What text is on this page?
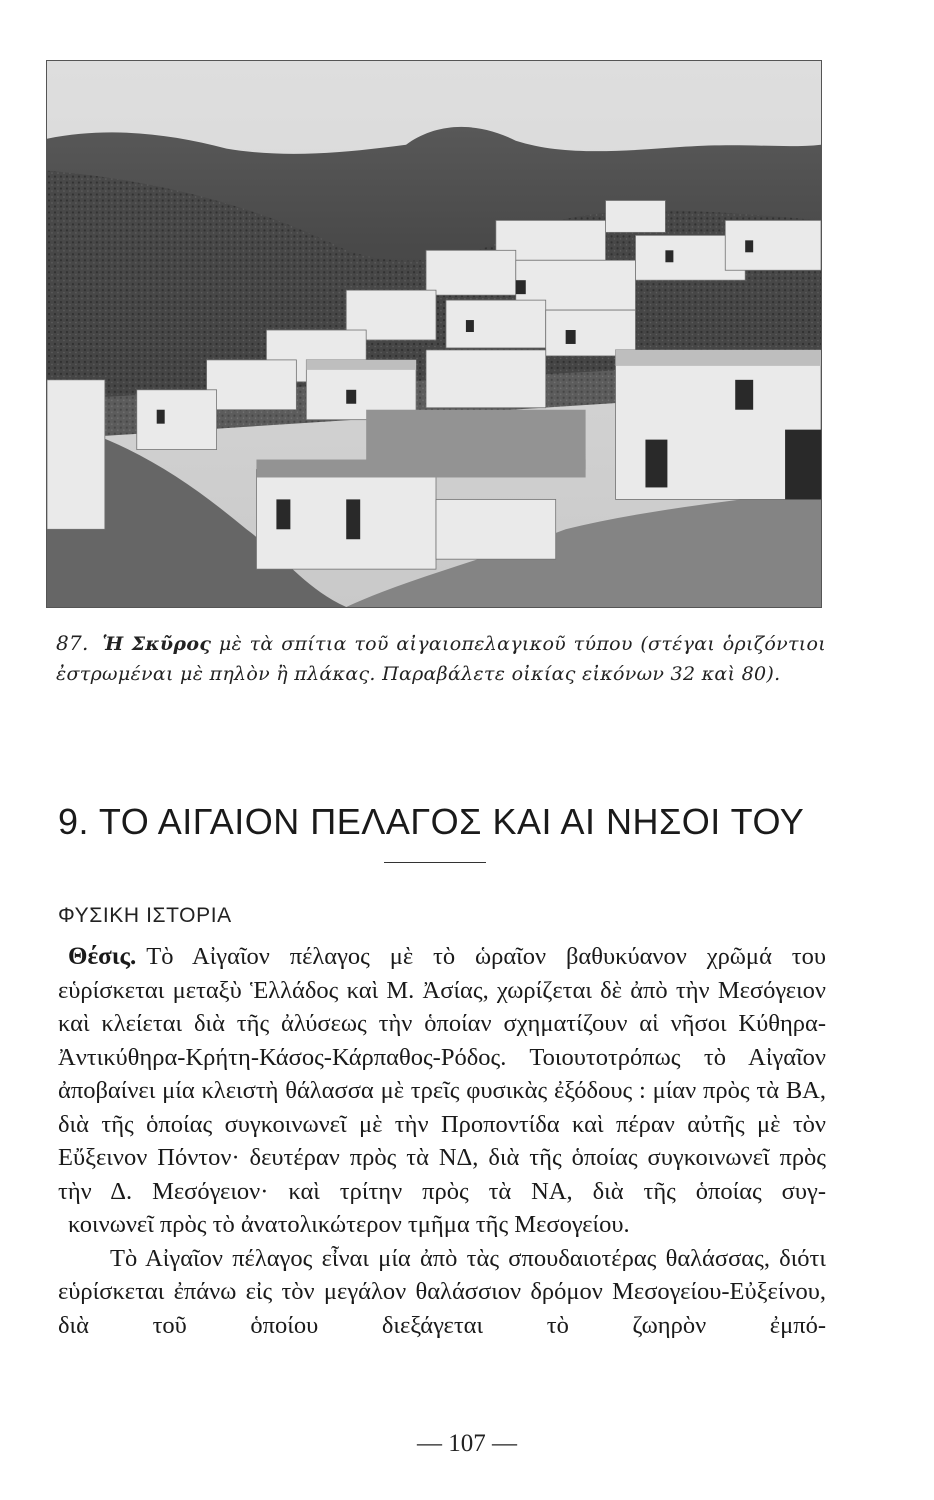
87. Ἡ Σκῦρος μὲ τὰ σπίτια τοῦ αἰγαιοπελαγικοῦ τύπου (στέγαι ὁριζόντιοι ἐστρωμέναι μὲ πηλὸν ἢ πλάκας. Παραβάλετε οἰκίας εἰκόνων 32 καὶ 80).
9. ΤΟ ΑΙΓΑΙΟΝ ΠΕΛΑΓΟΣ ΚΑΙ ΑΙ ΝΗΣΟΙ ΤΟΥ
ΦΥΣΙΚΗ ΙΣΤΟΡΙΑ

Θέσις. Τὸ Αἰγαῖον πέλαγος μὲ τὸ ὡραῖον βαθυκύανον χρῶμά του εὑρίσκεται μεταξὺ Ἑλλάδος καὶ Μ. Ἀσίας, χωρίζεται δὲ ἀπὸ τὴν Μεσόγειον καὶ κλείεται διὰ τῆς ἀλύσεως τὴν ὁποίαν σχηματίζουν αἱ νῆσοι Κύθηρα-Ἀντικύθηρα-Κρήτη-Κάσος-Κάρπαθος-Ρόδος. Τοιουτοτρόπως τὸ Αἰγαῖον ἀποβαίνει μία κλειστὴ θάλασσα μὲ τρεῖς φυσικὰς ἐξόδους : μίαν πρὸς τὰ ΒΑ, διὰ τῆς ὁποίας συγκοινωνεῖ μὲ τὴν Προποντίδα καὶ πέραν αὐτῆς μὲ τὸν Εὔξεινον Πόντον· δευτέραν πρὸς τὰ ΝΔ, διὰ τῆς ὁποίας συγκοινωνεῖ πρὸς τὴν Δ. Μεσόγειον· καὶ τρίτην πρὸς τὰ ΝΑ, διὰ τῆς ὁποίας συγ-
κοινωνεῖ πρὸς τὸ ἀνατολικώτερον τμῆμα τῆς Μεσογείου.

Τὸ Αἰγαῖον πέλαγος εἶναι μία ἀπὸ τὰς σπουδαιοτέρας θαλάσσας, διότι εὑρίσκεται ἐπάνω εἰς τὸν μεγάλον θαλάσσιον δρόμον Μεσογείου-Εὐξείνου, διὰ τοῦ ὁποίου διεξάγεται τὸ ζωηρὸν ἐμπό-

— 107 —
